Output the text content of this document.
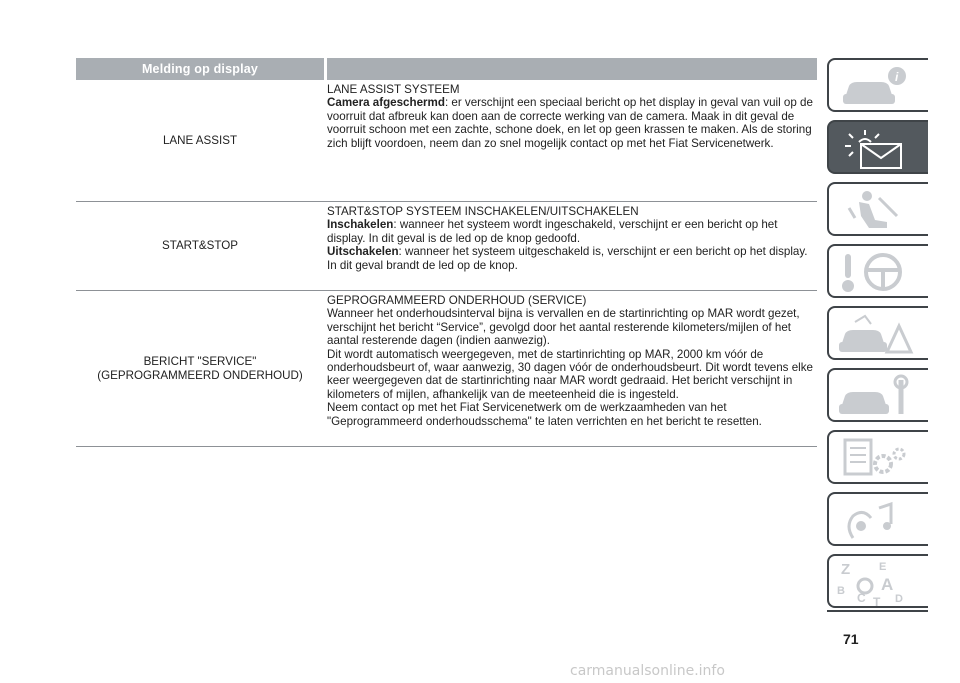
Melding op display
LANE ASSIST

LANE ASSIST SYSTEEM

Camera afgeschermd: er verschijnt een speciaal bericht op het display in geval van vuil op de voorruit dat afbreuk kan doen aan de correcte werking van de camera. Maak in dit geval de voorruit schoon met een zachte, schone doek, en let op geen krassen te maken. Als de storing zich blijft voordoen, neem dan zo snel mogelijk contact op met het Fiat Servicenetwerk.

START&STOP

START&STOP SYSTEEM INSCHAKELEN/UITSCHAKELEN

Inschakelen: wanneer het systeem wordt ingeschakeld, verschijnt er een bericht op het display. In dit geval is de led op de knop gedoofd.

Uitschakelen: wanneer het systeem uitgeschakeld is, verschijnt er een bericht op het display. In dit geval brandt de led op de knop.

BERICHT "SERVICE" (GEPROGRAMMEERD ONDERHOUD)

GEPROGRAMMEERD ONDERHOUD (SERVICE)

Wanneer het onderhoudsinterval bijna is vervallen en de startinrichting op MAR wordt gezet, verschijnt het bericht “Service”, gevolgd door het aantal resterende kilometers/mijlen of het aantal resterende dagen (indien aanwezig).

Dit wordt automatisch weergegeven, met de startinrichting op MAR, 2000 km vóór de onderhoudsbeurt of, waar aanwezig, 30 dagen vóór de onderhoudsbeurt. Dit wordt tevens elke keer weergegeven dat de startinrichting naar MAR wordt gedraaid. Het bericht verschijnt in kilometers of mijlen, afhankelijk van de meeteenheid die is ingesteld.

Neem contact op met het Fiat Servicenetwerk om de werkzaamheden van het "Geprogrammeerd onderhoudsschema" te laten verrichten en het bericht te resetten.

i
Z	E
B A
C T D
71
carmanualsonline.info
